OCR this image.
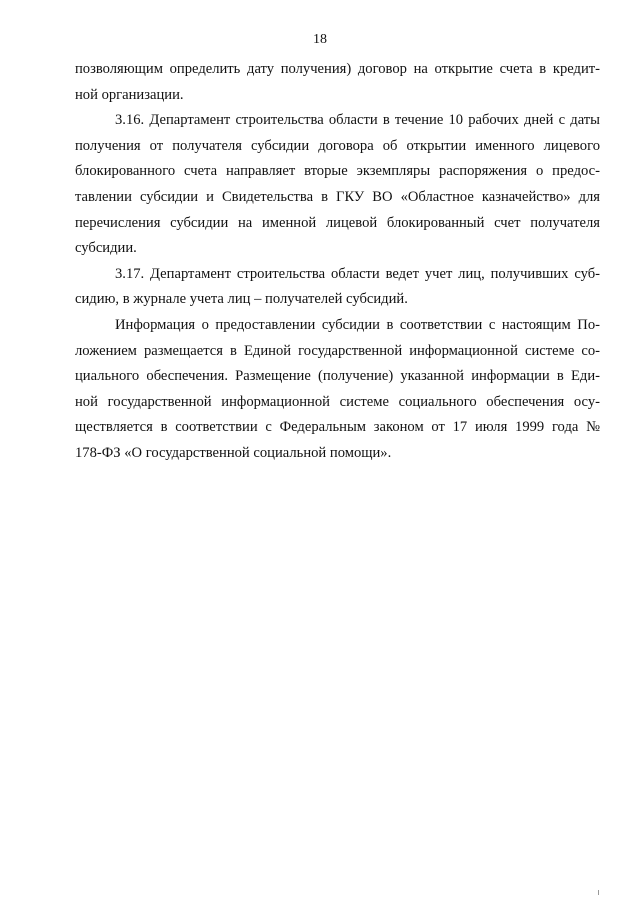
18
позволяющим определить дату получения) договор на открытие счета в кредит-
ной организации.
3.16. Департамент строительства области в течение 10 рабочих дней с даты
получения от получателя субсидии договора об открытии именного лицевого
блокированного счета направляет вторые экземпляры распоряжения о предос-
тавлении субсидии и Свидетельства в ГКУ ВО «Областное казначейство» для
перечисления субсидии на именной лицевой блокированный счет получателя
субсидии.
3.17. Департамент строительства области ведет учет лиц, получивших суб-
сидию, в журнале учета лиц – получателей субсидий.
Информация о предоставлении субсидии в соответствии с настоящим По-
ложением размещается в Единой государственной информационной системе со-
циального обеспечения. Размещение (получение) указанной информации в Еди-
ной государственной информационной системе социального обеспечения осу-
ществляется в соответствии с Федеральным законом от 17 июля 1999 года №
178-ФЗ «О государственной социальной помощи».
